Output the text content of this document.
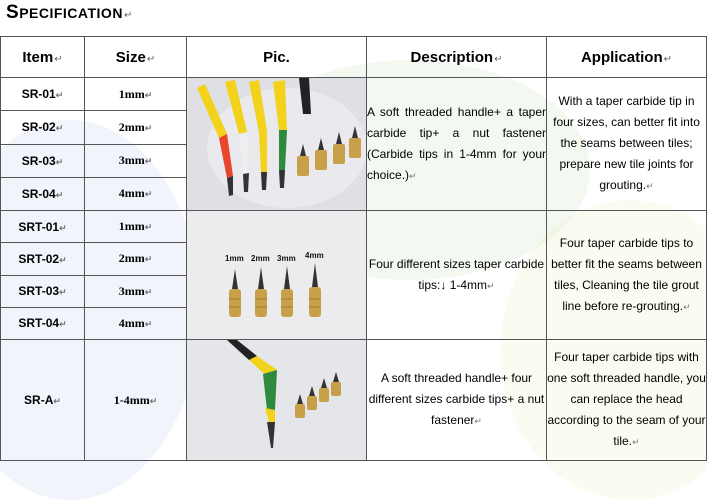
SPECIFICATION↵
Item↵	Size↵	Pic.	Description↵	Application↵
SR-01↵	1mm↵		A soft threaded handle+ a taper carbide tip+ a nut fastener (Carbide tips in 1-4mm for your choice.)↵	With a taper carbide tip in four sizes, can better fit into the seams between tiles; prepare new tile joints for grouting.↵
SR-02↵	2mm↵			
SR-03↵	3mm↵			
SR-04↵	4mm↵			
SRT-01↵	1mm↵	1mm 2mm 3mm 4mm	Four different sizes taper carbide tips:↓ 1-4mm↵	Four taper carbide tips to better fit the seams between tiles, Cleaning the tile grout line before re-grouting.↵
SRT-02↵	2mm↵			
SRT-03↵	3mm↵			
SRT-04↵	4mm↵			
SR-A↵	1-4mm↵		A soft threaded handle+ four different sizes carbide tips+ a nut fastener↵	Four taper carbide tips with one soft threaded handle, you can replace the head according to the seam of your tile.↵
